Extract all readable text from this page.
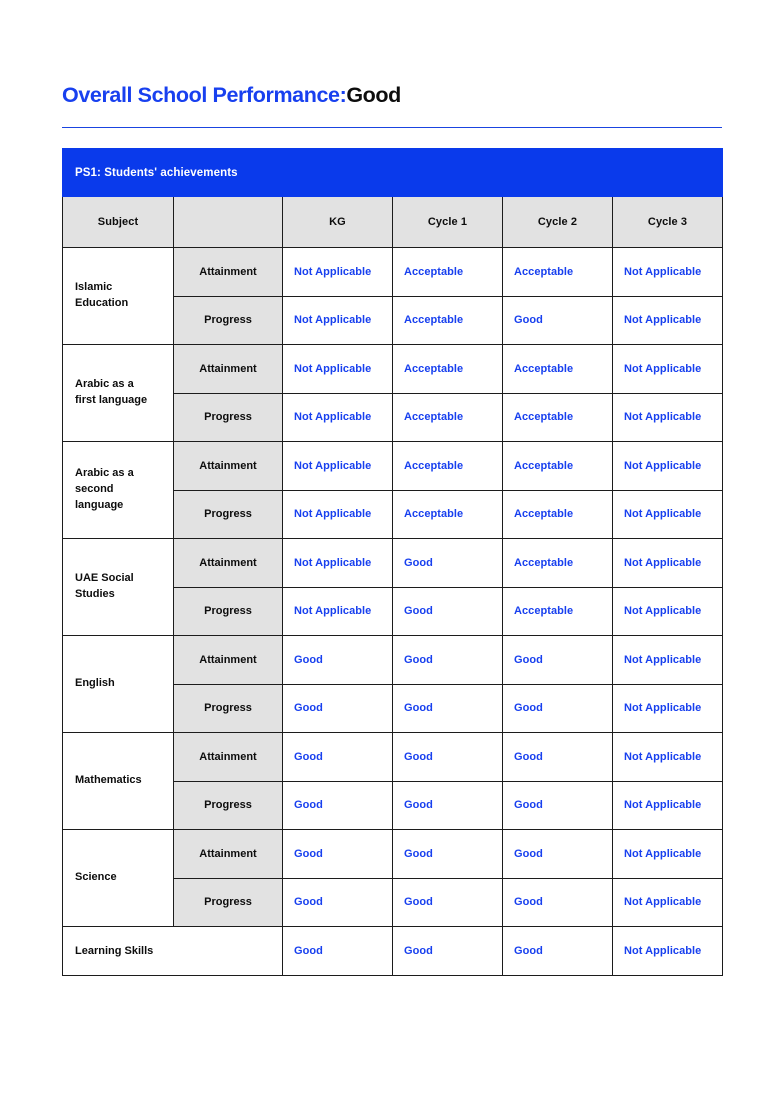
Overall School Performance:Good
PS1: Students' achievements					
Subject		KG	Cycle 1	Cycle 2	Cycle 3
Islamic
Education	Attainment	Not Applicable	Acceptable	Acceptable	Not Applicable
	Progress	Not Applicable	Acceptable	Good	Not Applicable
Arabic as a
first language	Attainment	Not Applicable	Acceptable	Acceptable	Not Applicable
	Progress	Not Applicable	Acceptable	Acceptable	Not Applicable
Arabic as a
second
language	Attainment	Not Applicable	Acceptable	Acceptable	Not Applicable
	Progress	Not Applicable	Acceptable	Acceptable	Not Applicable
UAE Social
Studies	Attainment	Not Applicable	Good	Acceptable	Not Applicable
	Progress	Not Applicable	Good	Acceptable	Not Applicable
English	Attainment	Good	Good	Good	Not Applicable
	Progress	Good	Good	Good	Not Applicable
Mathematics	Attainment	Good	Good	Good	Not Applicable
	Progress	Good	Good	Good	Not Applicable
Science	Attainment	Good	Good	Good	Not Applicable
	Progress	Good	Good	Good	Not Applicable
Learning Skills		Good	Good	Good	Not Applicable
